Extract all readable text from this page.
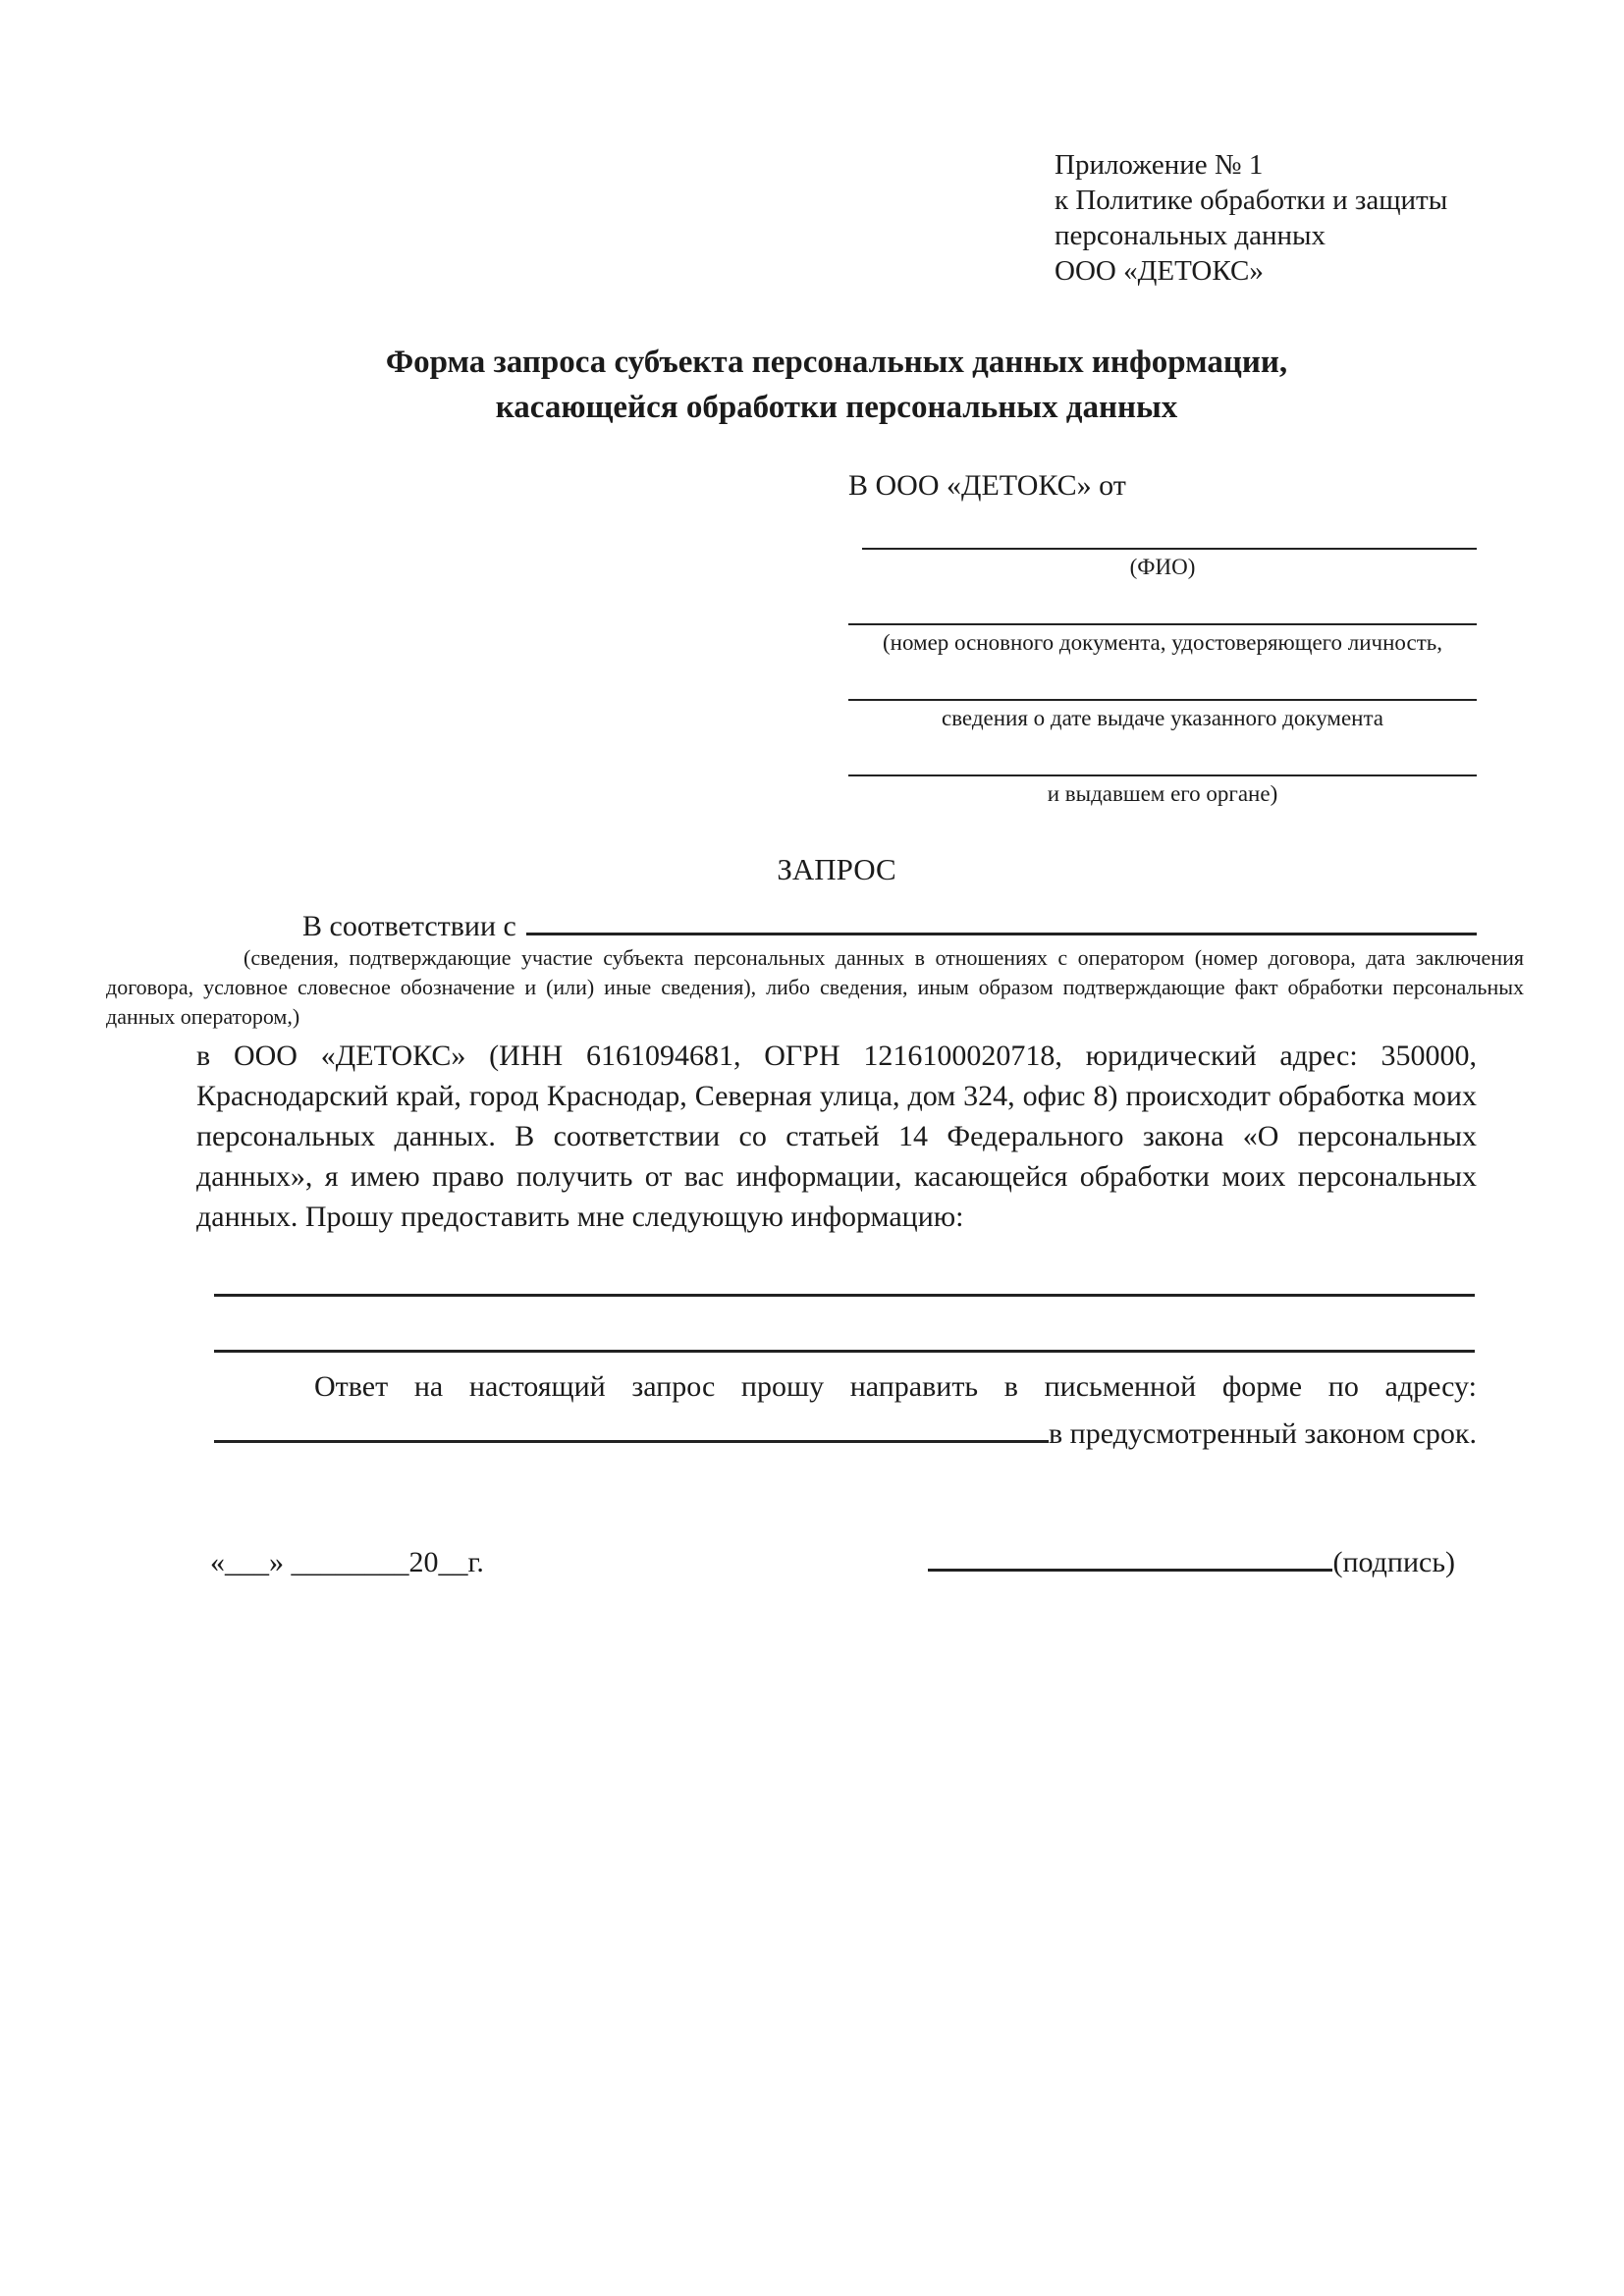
Приложение № 1
к Политике обработки и защиты
персональных данных
ООО «ДЕТОКС»
Форма запроса субъекта персональных данных информации,
касающейся обработки персональных данных
В ООО «ДЕТОКС» от
(ФИО)
(номер основного документа, удостоверяющего личность,
сведения о дате выдаче указанного документа
и выдавшем его органе)
ЗАПРОС
В соответствии с
(сведения, подтверждающие участие субъекта персональных данных в отношениях с оператором (номер договора, дата заключения договора, условное словесное обозначение и (или) иные сведения), либо сведения, иным образом подтверждающие факт обработки персональных данных оператором,)
в ООО «ДЕТОКС» (ИНН 6161094681, ОГРН 1216100020718, юридический адрес: 350000, Краснодарский край, город Краснодар, Северная улица, дом 324, офис 8) происходит обработка моих персональных данных. В соответствии со статьей 14 Федерального закона «О персональных данных», я имею право получить от вас информации, касающейся обработки моих персональных данных. Прошу предоставить мне следующую информацию:
Ответ на настоящий запрос прошу направить в письменной форме по адресу:
в предусмотренный законом срок.
«___» ________20__г.	(подпись)
